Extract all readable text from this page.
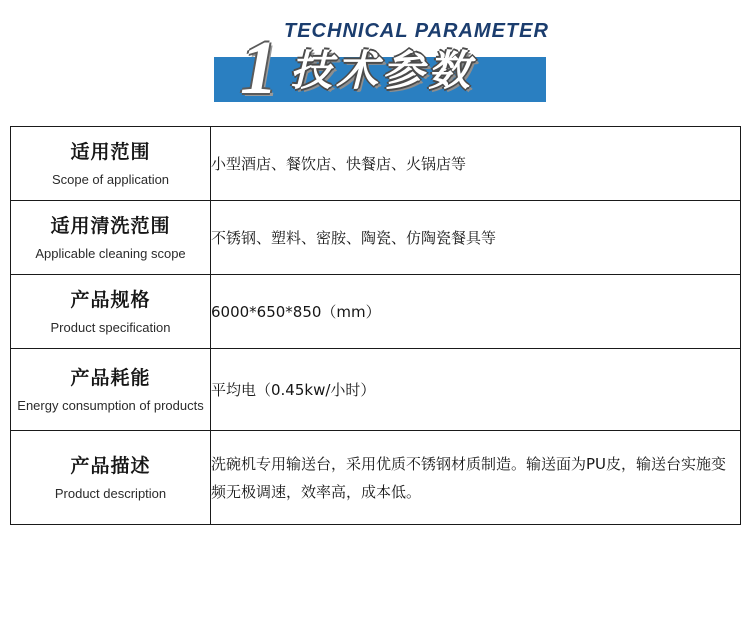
TECHNICAL PARAMETER
1 技术参数
适用范围
Scope of application	小型酒店、餐饮店、快餐店、火锅店等

适用清洗范围
Applicable cleaning scope	不锈钢、塑料、密胺、陶瓷、仿陶瓷餐具等

产品规格
Product specification	6000*650*850（mm）

产品耗能
Energy consumption of products	平均电（0.45kw/小时）

产品描述
Product description	洗碗机专用输送台，采用优质不锈钢材质制造。输送面为PU皮，输送台实施变频无极调速，效率高，成本低。
